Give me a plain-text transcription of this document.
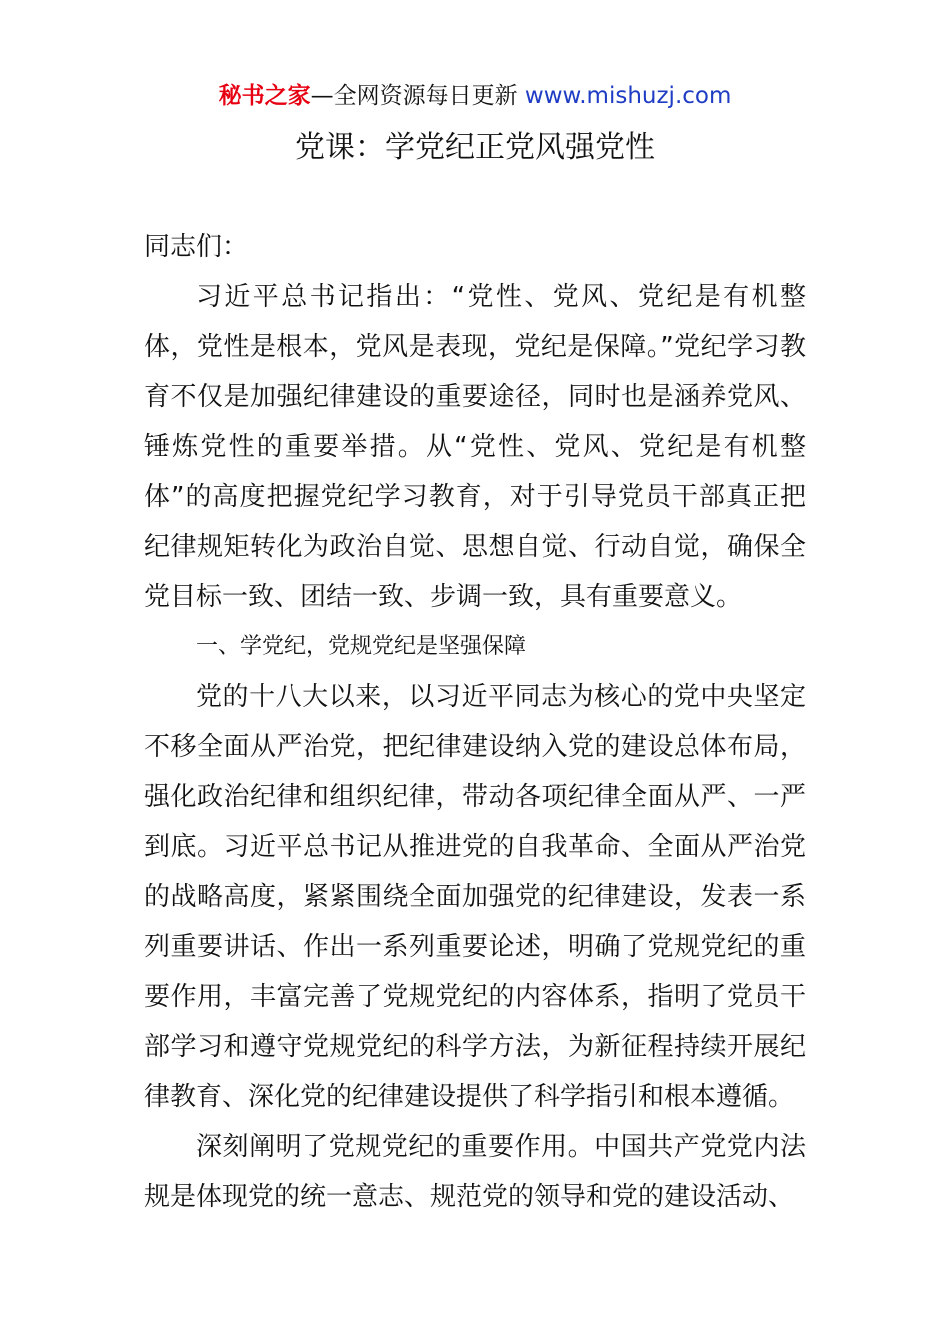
秘书之家—全网资源每日更新 www.mishuzj.com
党课：学党纪正党风强党性

同志们：

习近平总书记指出：“党性、党风、党纪是有机整体，党性是根本，党风是表现，党纪是保障。”党纪学习教育不仅是加强纪律建设的重要途径，同时也是涵养党风、锤炼党性的重要举措。从“党性、党风、党纪是有机整体”的高度把握党纪学习教育，对于引导党员干部真正把纪律规矩转化为政治自觉、思想自觉、行动自觉，确保全党目标一致、团结一致、步调一致，具有重要意义。

一、学党纪，党规党纪是坚强保障

党的十八大以来，以习近平同志为核心的党中央坚定不移全面从严治党，把纪律建设纳入党的建设总体布局，强化政治纪律和组织纪律，带动各项纪律全面从严、一严到底。习近平总书记从推进党的自我革命、全面从严治党的战略高度，紧紧围绕全面加强党的纪律建设，发表一系列重要讲话、作出一系列重要论述，明确了党规党纪的重要作用，丰富完善了党规党纪的内容体系，指明了党员干部学习和遵守党规党纪的科学方法，为新征程持续开展纪律教育、深化党的纪律建设提供了科学指引和根本遵循。

深刻阐明了党规党纪的重要作用。中国共产党党内法规是体现党的统一意志、规范党的领导和党的建设活动、
